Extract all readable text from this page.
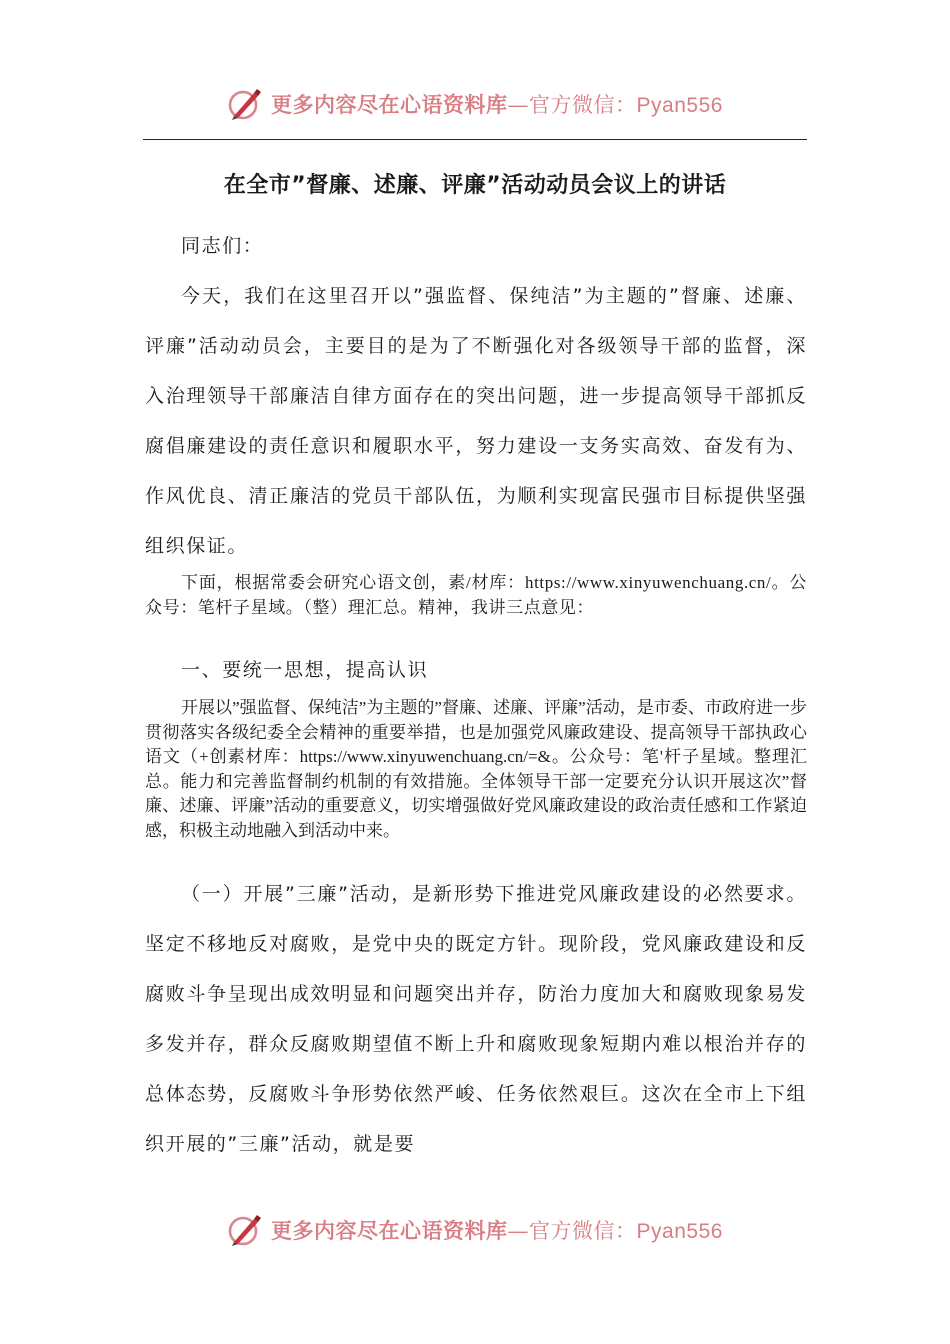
更多内容尽在心语资料库—官方微信：Pyan556
在全市”督廉、述廉、评廉”活动动员会议上的讲话
同志们：
今天，我们在这里召开以”强监督、保纯洁”为主题的”督廉、述廉、评廉”活动动员会，主要目的是为了不断强化对各级领导干部的监督，深入治理领导干部廉洁自律方面存在的突出问题，进一步提高领导干部抓反腐倡廉建设的责任意识和履职水平，努力建设一支务实高效、奋发有为、作风优良、清正廉洁的党员干部队伍，为顺利实现富民强市目标提供坚强组织保证。
下面，根据常委会研究心语文创，素/材库：https://www.xinyuwenchuang.cn/。公众号：笔杆子星域。（整）理汇总。精神，我讲三点意见：
一、要统一思想，提高认识
开展以”强监督、保纯洁”为主题的”督廉、述廉、评廉”活动，是市委、市政府进一步贯彻落实各级纪委全会精神的重要举措，也是加强党风廉政建设、提高领导干部执政心语文（+创素材库：https://www.xinyuwenchuang.cn/=&。公众号：笔'杆子星域。整理汇总。能力和完善监督制约机制的有效措施。全体领导干部一定要充分认识开展这次”督廉、述廉、评廉”活动的重要意义，切实增强做好党风廉政建设的政治责任感和工作紧迫感，积极主动地融入到活动中来。
（一）开展”三廉”活动，是新形势下推进党风廉政建设的必然要求。坚定不移地反对腐败，是党中央的既定方针。现阶段，党风廉政建设和反腐败斗争呈现出成效明显和问题突出并存，防治力度加大和腐败现象易发多发并存，群众反腐败期望值不断上升和腐败现象短期内难以根治并存的总体态势，反腐败斗争形势依然严峻、任务依然艰巨。这次在全市上下组织开展的”三廉”活动，就是要
更多内容尽在心语资料库—官方微信：Pyan556
